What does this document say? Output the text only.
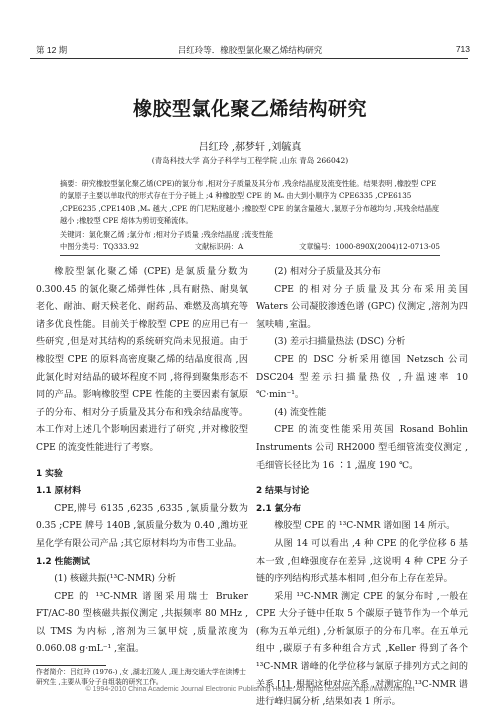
第 12 期	吕红玲等．橡胶型氯化聚乙烯结构研究	713
橡胶型氯化聚乙烯结构研究
吕红玲 ,郝梦轩 ,刘毓真
(青岛科技大学 高分子科学与工程学院 ,山东 青岛 266042)

摘要：研究橡胶型氯化聚乙烯(CPE)的氯分布 ,相对分子质量及其分布 ,残余结晶度及流变性能。结果表明 ,橡胶型 CPE 的氯原子主要以单取代的形式存在于分子链上 ;4 种橡胶型 CPE 的 Mₙ 由大到小顺序为 CPE6335 ,CPE6135 ,CPE6235 ,CPE140B ,Mₙ 越大 ,CPE 的门尼粘度越小 ;橡胶型 CPE 的氯含量越大 ,氯原子分布越均匀 ,其残余结晶度越小 ;橡胶型 CPE 熔体为剪切变稀流体。

关键词：氯化聚乙烯 ;氯分布 ;相对分子质量 ;残余结晶度 ;流变性能

中图分类号：TQ333.92	文献标识码：A	文章编号：1000-890X(2004)12-0713-05

橡胶型氯化聚乙烯 (CPE) 是氯质量分数为 0.300.45 的氯化聚乙烯弹性体 ,具有耐热、耐臭氧老化、耐油、耐天候老化、耐药品、难燃及高填充等诸多优良性能。目前关于橡胶型 CPE 的应用已有一些研究 ,但是对其结构的系统研究尚未见报道。由于橡胶型 CPE 的原料高密度聚乙烯的结晶度很高 ,因此氯化时对结晶的破坏程度不同 ,将得到聚集形态不同的产品。影响橡胶型 CPE 性能的主要因素有氯原子的分布、相对分子质量及其分布和残余结晶度等。本工作对上述几个影响因素进行了研究 ,并对橡胶型 CPE 的流变性能进行了考察。

1 实验

1.1 原材料

CPE,牌号 6135 ,6235 ,6335 ,氯质量分数为 0.35 ;CPE 牌号 140B ,氯质量分数为 0.40 ,潍坊亚星化学有限公司产品 ;其它原材料均为市售工业品。

1.2 性能测试

(1) 核磁共振(¹³C-NMR) 分析

CPE 的 ¹³C-NMR 谱图采用瑞士 Bruker FT/AC-80 型核磁共振仪测定 ,共振频率 80 MHz ,以 TMS 为内标 ,溶剂为三氯甲烷 ,质量浓度为 0.060.08 g·mL⁻¹ ,室温。

作者简介：吕红玲 (1976-) ,女 ,湖北江陵人 ,现上海交通大学在读博士研究生 ,主要从事分子自组装的研究工作。

(2) 相对分子质量及其分布

CPE 的相对分子质量及其分布采用美国 Waters 公司凝胶渗透色谱 (GPC) 仪测定 ,溶剂为四氢呋喃 ,室温。

(3) 差示扫描量热法 (DSC) 分析

CPE 的 DSC 分析采用德国 Netzsch 公司 DSC204 型差示扫描量热仪 ,升温速率 10 ℃·min⁻¹。

(4) 流变性能

CPE 的流变性能采用英国 Rosand Bohlin Instruments 公司 RH2000 型毛细管流变仪测定 ,毛细管长径比为 16 ∶1 ,温度 190 ℃。

2 结果与讨论

2.1 氯分布

橡胶型 CPE 的 ¹³C-NMR 谱如图 14 所示。

从图 14 可以看出 ,4 种 CPE 的化学位移 δ 基本一致 ,但峰强度存在差异 ,这说明 4 种 CPE 分子链的序列结构形式基本相同 ,但分布上存在差异。

采用 ¹³C-NMR 测定 CPE 的氯分布时 ,一般在 CPE 大分子链中任取 5 个碳原子链节作为一个单元(称为五单元组) ,分析氯原子的分布几率。在五单元组中 ,碳原子有多种组合方式 ,Keller 得到了各个 ¹³C-NMR 谱峰的化学位移与氯原子排列方式之间的关系 [1] ,根据这种对应关系 ,对测定的 ¹³C-NMR 谱进行峰归属分析 ,结果如表 1 所示。

© 1994-2010 China Academic Journal Electronic Publishing House. All rights reserved. http://www.cnki.net
